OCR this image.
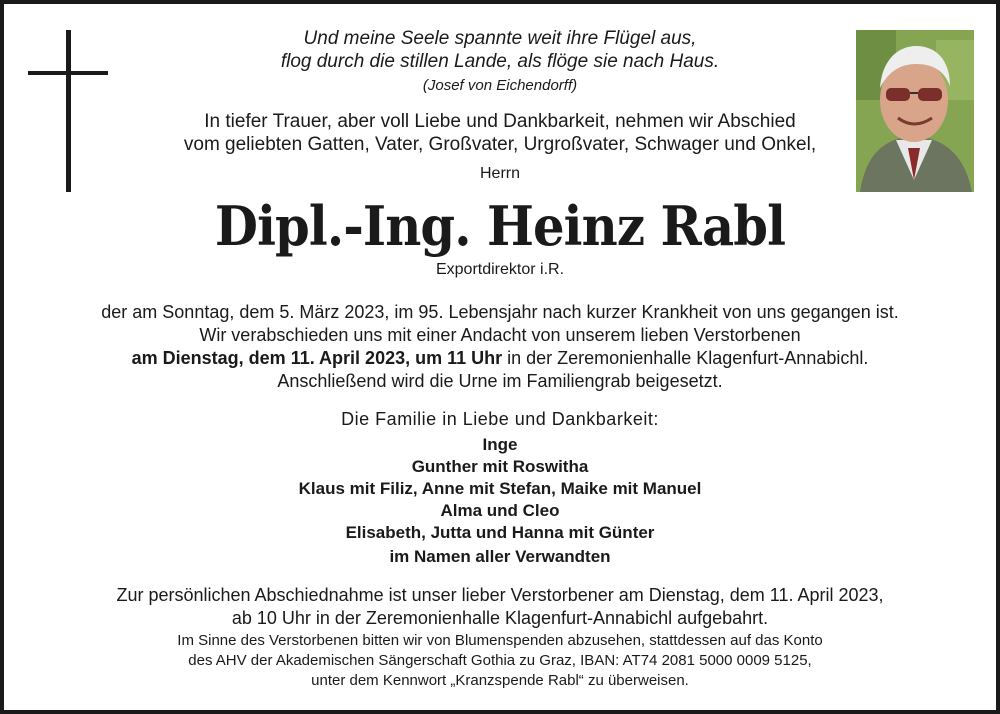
Und meine Seele spannte weit ihre Flügel aus,
flog durch die stillen Lande, als flöge sie nach Haus.
(Josef von Eichendorff)
In tiefer Trauer, aber voll Liebe und Dankbarkeit, nehmen wir Abschied
vom geliebten Gatten, Vater, Großvater, Urgroßvater, Schwager und Onkel,
Herrn
Dipl.-Ing. Heinz Rabl
Exportdirektor i.R.
der am Sonntag, dem 5. März 2023, im 95. Lebensjahr nach kurzer Krankheit von uns gegangen ist.
Wir verabschieden uns mit einer Andacht von unserem lieben Verstorbenen
am Dienstag, dem 11. April 2023, um 11 Uhr in der Zeremonienhalle Klagenfurt-Annabichl.
Anschließend wird die Urne im Familiengrab beigesetzt.
Die Familie in Liebe und Dankbarkeit:
Inge
Gunther mit Roswitha
Klaus mit Filiz, Anne mit Stefan, Maike mit Manuel
Alma und Cleo
Elisabeth, Jutta und Hanna mit Günter
im Namen aller Verwandten
Zur persönlichen Abschiednahme ist unser lieber Verstorbener am Dienstag, dem 11. April 2023,
ab 10 Uhr in der Zeremonienhalle Klagenfurt-Annabichl aufgebahrt.
Im Sinne des Verstorbenen bitten wir von Blumenspenden abzusehen, stattdessen auf das Konto
des AHV der Akademischen Sängerschaft Gothia zu Graz, IBAN: AT74 2081 5000 0009 5125,
unter dem Kennwort „Kranzspende Rabl“ zu überweisen.
